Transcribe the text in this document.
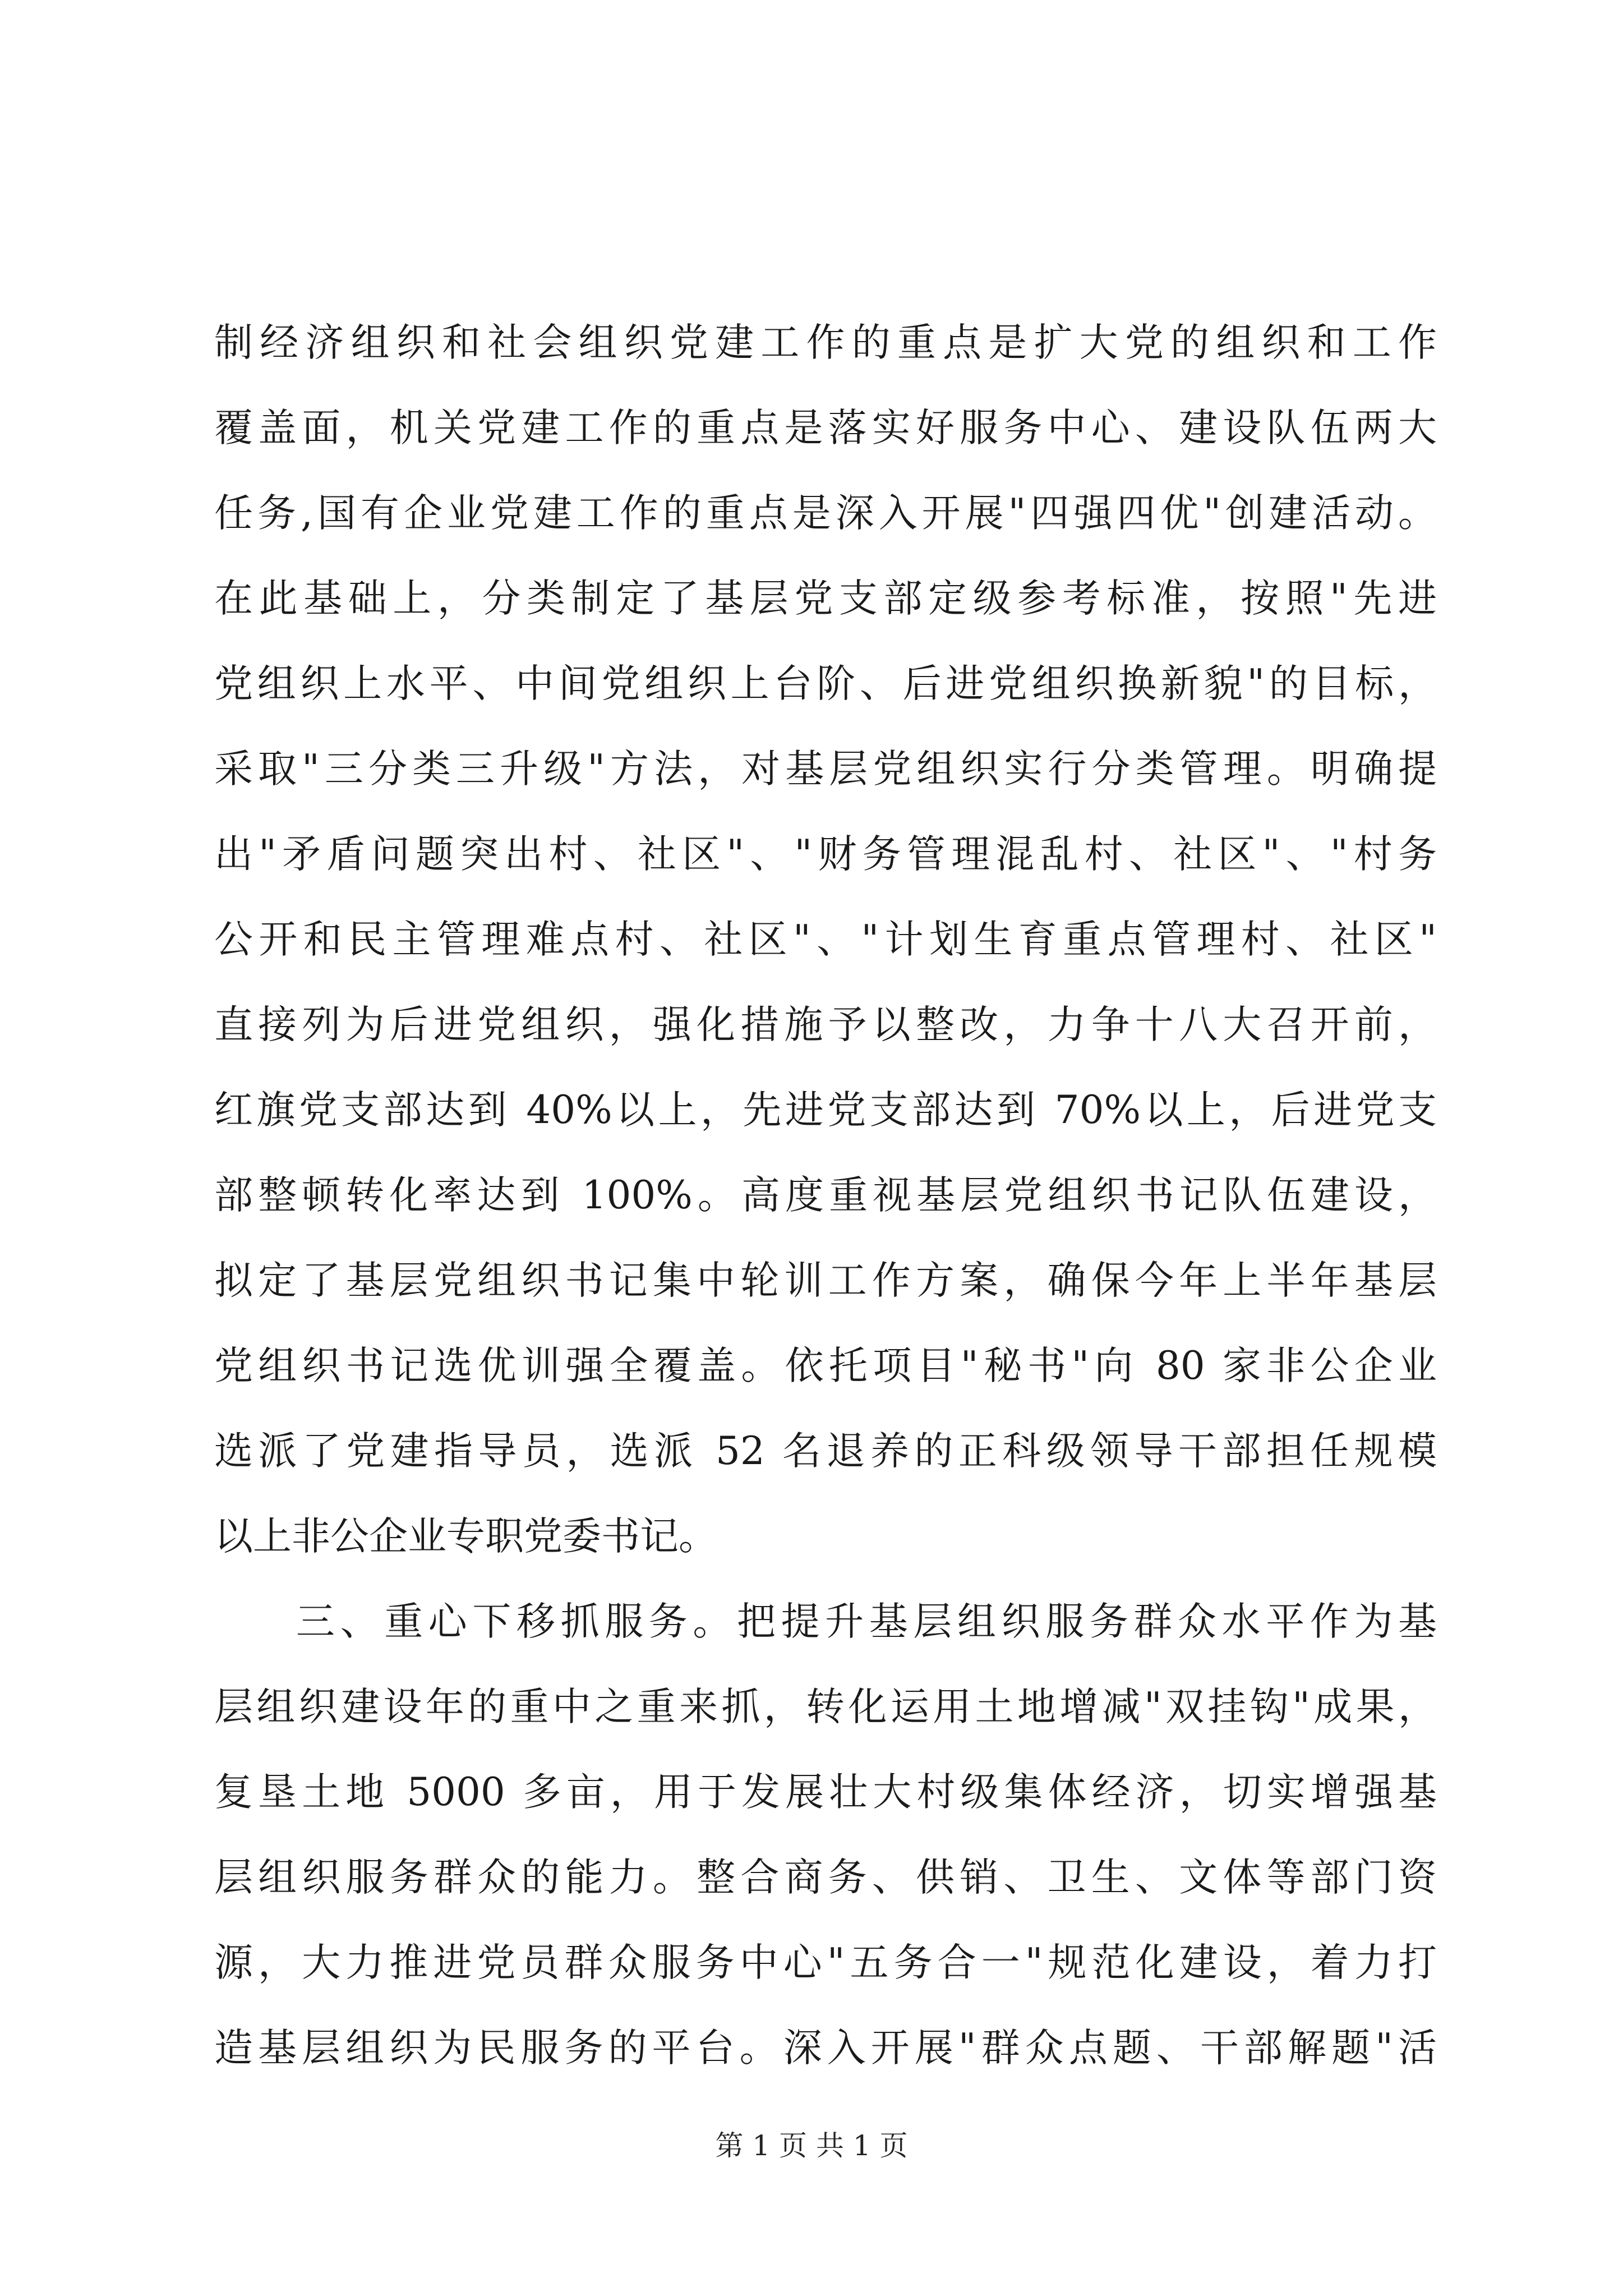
制经济组织和社会组织党建工作的重点是扩大党的组织和工作
覆盖面，机关党建工作的重点是落实好服务中心、建设队伍两大
任务,国有企业党建工作的重点是深入开展"四强四优"创建活动。
在此基础上，分类制定了基层党支部定级参考标准，按照"先进
党组织上水平、中间党组织上台阶、后进党组织换新貌"的目标，
采取"三分类三升级"方法，对基层党组织实行分类管理。明确提
出"矛盾问题突出村、社区"、"财务管理混乱村、社区"、"村务
公开和民主管理难点村、社区"、"计划生育重点管理村、社区"
直接列为后进党组织，强化措施予以整改，力争十八大召开前，
红旗党支部达到 40%以上，先进党支部达到 70%以上，后进党支
部整顿转化率达到 100%。高度重视基层党组织书记队伍建设，
拟定了基层党组织书记集中轮训工作方案，确保今年上半年基层
党组织书记选优训强全覆盖。依托项目"秘书"向 80 家非公企业
选派了党建指导员，选派 52 名退养的正科级领导干部担任规模
以上非公企业专职党委书记。
三、重心下移抓服务。把提升基层组织服务群众水平作为基
层组织建设年的重中之重来抓，转化运用土地增减"双挂钩"成果，
复垦土地 5000 多亩，用于发展壮大村级集体经济，切实增强基
层组织服务群众的能力。整合商务、供销、卫生、文体等部门资
源，大力推进党员群众服务中心"五务合一"规范化建设，着力打
造基层组织为民服务的平台。深入开展"群众点题、干部解题"活
第 1 页 共 1 页
